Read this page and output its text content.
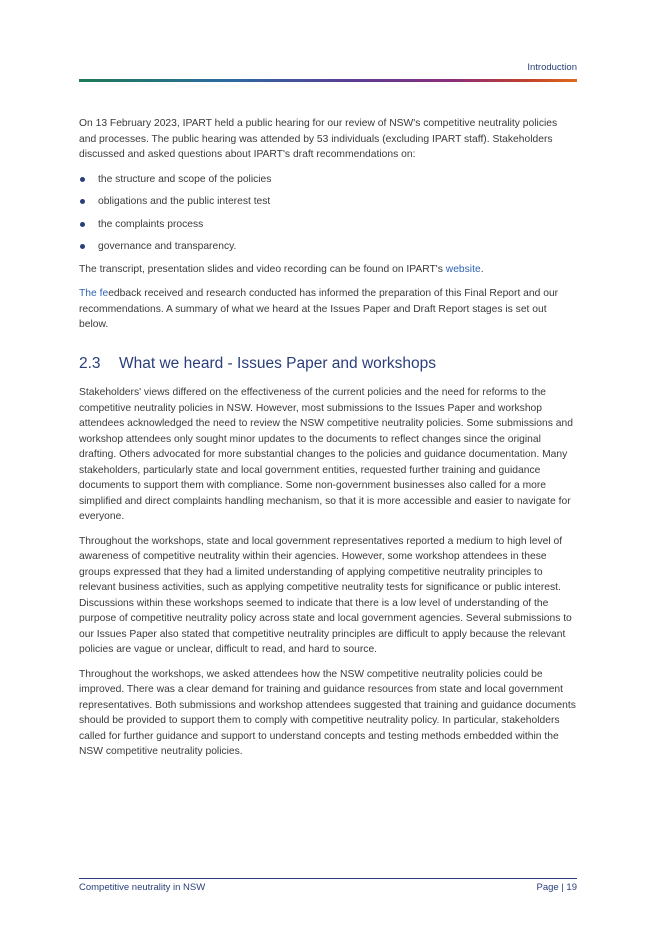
Introduction

On 13 February 2023, IPART held a public hearing for our review of NSW's competitive neutrality policies and processes. The public hearing was attended by 53 individuals (excluding IPART staff). Stakeholders discussed and asked questions about IPART's draft recommendations on:

the structure and scope of the policies
obligations and the public interest test
the complaints process
governance and transparency.

The transcript, presentation slides and video recording can be found on IPART's website.

The feedback received and research conducted has informed the preparation of this Final Report and our recommendations. A summary of what we heard at the Issues Paper and Draft Report stages is set out below.

2.3	What we heard - Issues Paper and workshops

Stakeholders' views differed on the effectiveness of the current policies and the need for reforms to the competitive neutrality policies in NSW. However, most submissions to the Issues Paper and workshop attendees acknowledged the need to review the NSW competitive neutrality policies. Some submissions and workshop attendees only sought minor updates to the documents to reflect changes since the original drafting. Others advocated for more substantial changes to the policies and guidance documentation. Many stakeholders, particularly state and local government entities, requested further training and guidance documents to support them with compliance. Some non-government businesses also called for a more simplified and direct complaints handling mechanism, so that it is more accessible and easier to navigate for everyone.

Throughout the workshops, state and local government representatives reported a medium to high level of awareness of competitive neutrality within their agencies. However, some workshop attendees in these groups expressed that they had a limited understanding of applying competitive neutrality principles to relevant business activities, such as applying competitive neutrality tests for significance or public interest. Discussions within these workshops seemed to indicate that there is a low level of understanding of the purpose of competitive neutrality policy across state and local government agencies. Several submissions to our Issues Paper also stated that competitive neutrality principles are difficult to apply because the relevant policies are vague or unclear, difficult to read, and hard to source.

Throughout the workshops, we asked attendees how the NSW competitive neutrality policies could be improved. There was a clear demand for training and guidance resources from state and local government representatives. Both submissions and workshop attendees suggested that training and guidance documents should be provided to support them to comply with competitive neutrality policy. In particular, stakeholders called for further guidance and support to understand concepts and testing methods embedded within the NSW competitive neutrality policies.

Competitive neutrality in NSW	Page | 19
